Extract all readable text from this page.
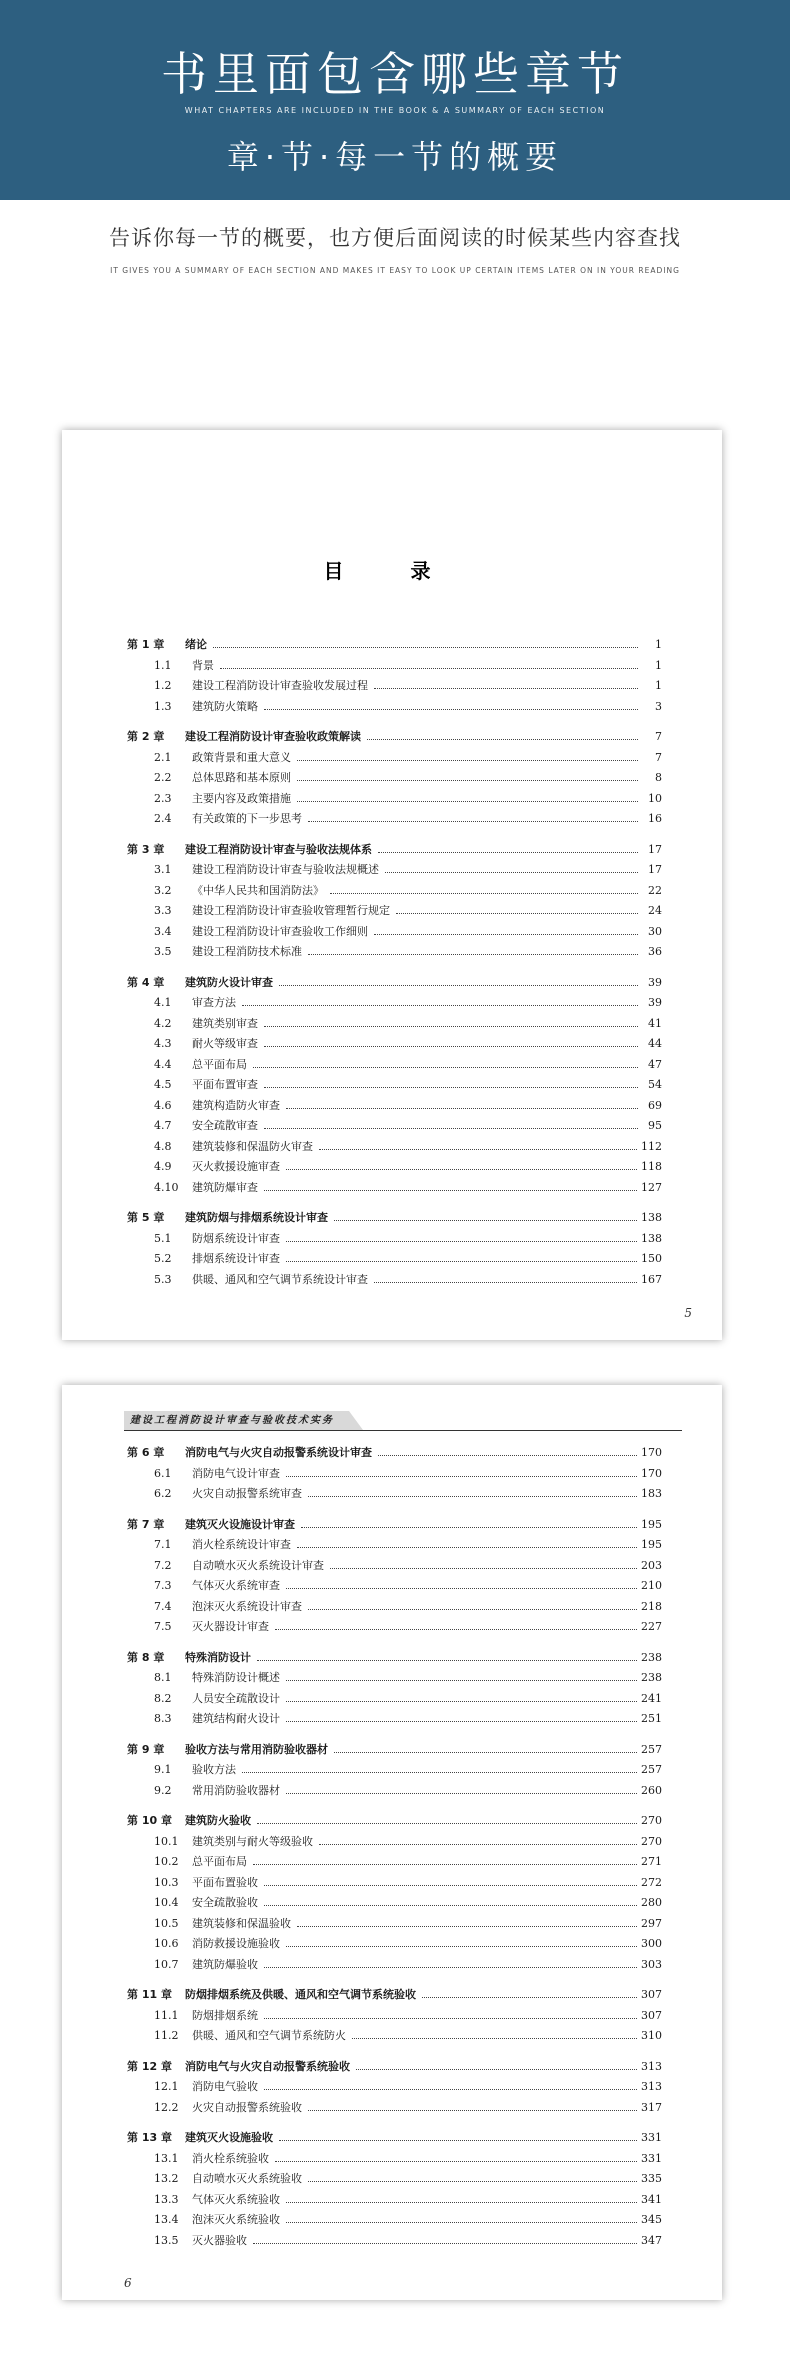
书里面包含哪些章节
WHAT CHAPTERS ARE INCLUDED IN THE BOOK & A SUMMARY OF EACH SECTION
章·节·每一节的概要
告诉你每一节的概要，也方便后面阅读的时候某些内容查找
IT GIVES YOU A SUMMARY OF EACH SECTION AND MAKES IT EASY TO LOOK UP CERTAIN ITEMS LATER ON IN YOUR READING
目 录
第 1 章	绪论	1
1.1	背景	1
1.2	建设工程消防设计审查验收发展过程	1
1.3	建筑防火策略	3
第 2 章	建设工程消防设计审查验收政策解读	7
2.1	政策背景和重大意义	7
2.2	总体思路和基本原则	8
2.3	主要内容及政策措施	10
2.4	有关政策的下一步思考	16
第 3 章	建设工程消防设计审查与验收法规体系	17
3.1	建设工程消防设计审查与验收法规概述	17
3.2	《中华人民共和国消防法》	22
3.3	建设工程消防设计审查验收管理暂行规定	24
3.4	建设工程消防设计审查验收工作细则	30
3.5	建设工程消防技术标准	36
第 4 章	建筑防火设计审查	39
4.1	审查方法	39
4.2	建筑类别审查	41
4.3	耐火等级审查	44
4.4	总平面布局	47
4.5	平面布置审查	54
4.6	建筑构造防火审查	69
4.7	安全疏散审查	95
4.8	建筑装修和保温防火审查	112
4.9	灭火救援设施审查	118
4.10	建筑防爆审查	127
第 5 章	建筑防烟与排烟系统设计审查	138
5.1	防烟系统设计审查	138
5.2	排烟系统设计审查	150
5.3	供暖、通风和空气调节系统设计审查	167
5
建设工程消防设计审查与验收技术实务
第 6 章	消防电气与火灾自动报警系统设计审查	170
6.1	消防电气设计审查	170
6.2	火灾自动报警系统审查	183
第 7 章	建筑灭火设施设计审查	195
7.1	消火栓系统设计审查	195
7.2	自动喷水灭火系统设计审查	203
7.3	气体灭火系统审查	210
7.4	泡沫灭火系统设计审查	218
7.5	灭火器设计审查	227
第 8 章	特殊消防设计	238
8.1	特殊消防设计概述	238
8.2	人员安全疏散设计	241
8.3	建筑结构耐火设计	251
第 9 章	验收方法与常用消防验收器材	257
9.1	验收方法	257
9.2	常用消防验收器材	260
第 10 章	建筑防火验收	270
10.1	建筑类别与耐火等级验收	270
10.2	总平面布局	271
10.3	平面布置验收	272
10.4	安全疏散验收	280
10.5	建筑装修和保温验收	297
10.6	消防救援设施验收	300
10.7	建筑防爆验收	303
第 11 章	防烟排烟系统及供暖、通风和空气调节系统验收	307
11.1	防烟排烟系统	307
11.2	供暖、通风和空气调节系统防火	310
第 12 章	消防电气与火灾自动报警系统验收	313
12.1	消防电气验收	313
12.2	火灾自动报警系统验收	317
第 13 章	建筑灭火设施验收	331
13.1	消火栓系统验收	331
13.2	自动喷水灭火系统验收	335
13.3	气体灭火系统验收	341
13.4	泡沫灭火系统验收	345
13.5	灭火器验收	347
6
